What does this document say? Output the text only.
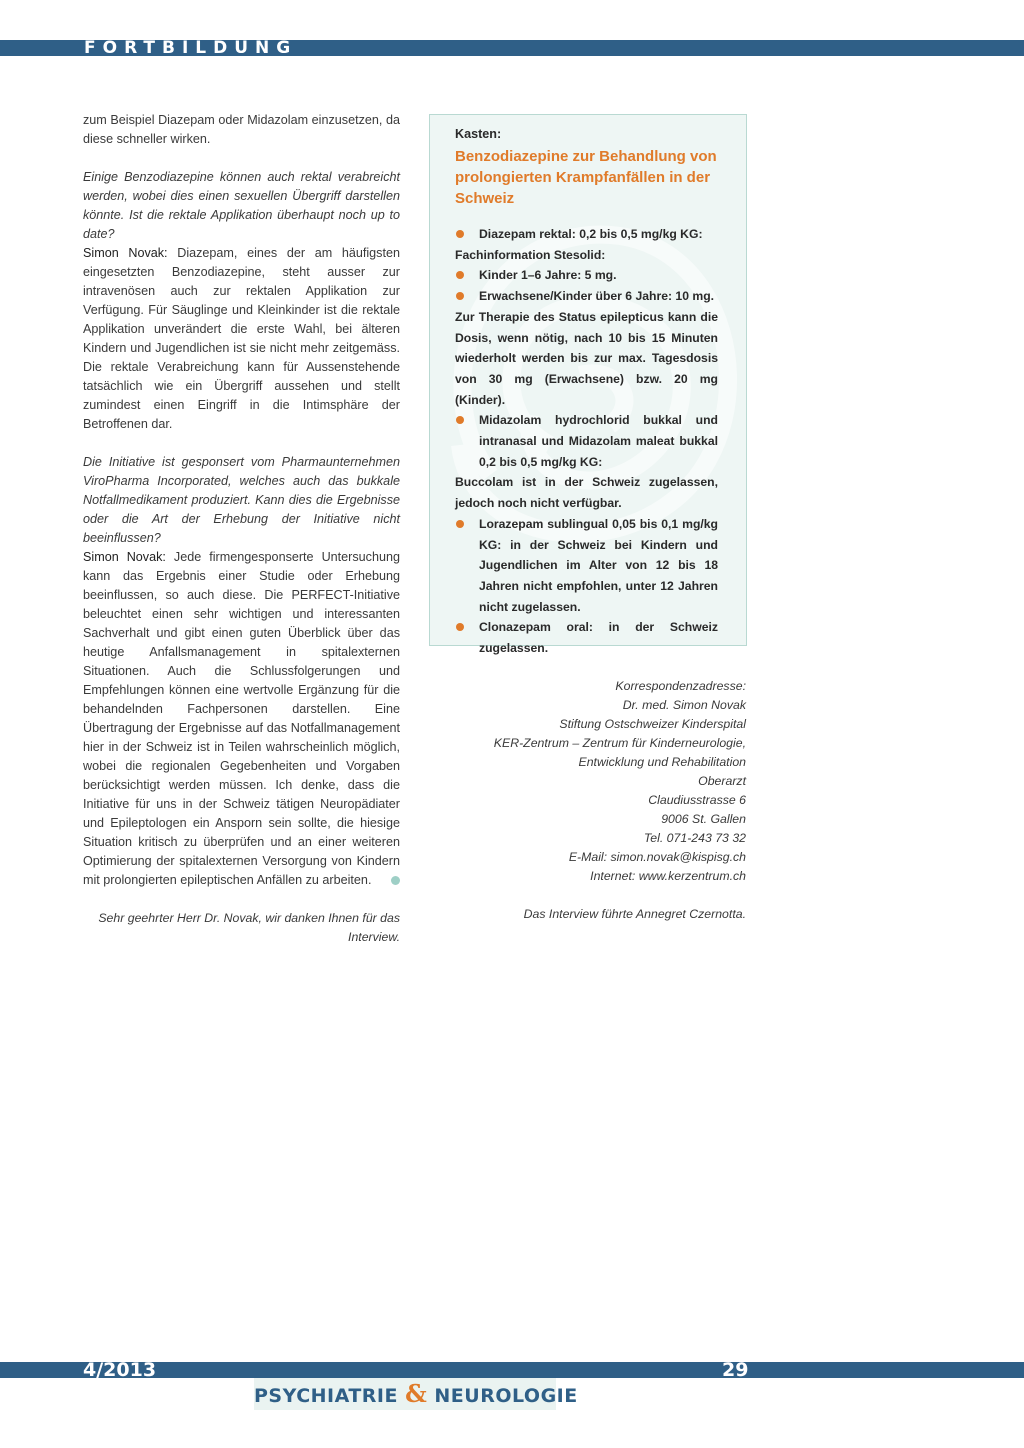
FORTBILDUNG

zum Beispiel Diazepam oder Midazolam einzusetzen, da diese schneller wirken.

Einige Benzodiazepine können auch rektal verabreicht werden, wobei dies einen sexuellen Übergriff darstellen könnte. Ist die rektale Applikation überhaupt noch up to date?

Simon Novak: Diazepam, eines der am häufigsten eingesetzten Benzodiazepine, steht ausser zur intravenösen auch zur rektalen Applikation zur Verfügung. Für Säuglinge und Kleinkinder ist die rektale Applikation unverändert die erste Wahl, bei älteren Kindern und Jugendlichen ist sie nicht mehr zeitgemäss. Die rektale Verabreichung kann für Aussenstehende tatsächlich wie ein Übergriff aussehen und stellt zumindest einen Eingriff in die Intimsphäre der Betroffenen dar.

Die Initiative ist gesponsert vom Pharmaunternehmen ViroPharma Incorporated, welches auch das bukkale Notfallmedikament produziert. Kann dies die Ergebnisse oder die Art der Erhebung der Initiative nicht beeinflussen?

Simon Novak: Jede firmengesponserte Untersuchung kann das Ergebnis einer Studie oder Erhebung beeinflussen, so auch diese. Die PERFECT-Initiative beleuchtet einen sehr wichtigen und interessanten Sachverhalt und gibt einen guten Überblick über das heutige Anfallsmanagement in spitalexternen Situationen. Auch die Schlussfolgerungen und Empfehlungen können eine wertvolle Ergänzung für die behandelnden Fachpersonen darstellen. Eine Übertragung der Ergebnisse auf das Notfallmanagement hier in der Schweiz ist in Teilen wahrscheinlich möglich, wobei die regionalen Gegebenheiten und Vorgaben berücksichtigt werden müssen. Ich denke, dass die Initiative für uns in der Schweiz tätigen Neuropädiater und Epileptologen ein Ansporn sein sollte, die hiesige Situation kritisch zu überprüfen und an einer weiteren Optimierung der spitalexternen Versorgung von Kindern mit prolongierten epileptischen Anfällen zu arbeiten.

Sehr geehrter Herr Dr. Novak, wir danken Ihnen für das Interview.

Kasten:
Benzodiazepine zur Behandlung von prolongierten Krampfanfällen in der Schweiz
Diazepam rektal: 0,2 bis 0,5 mg/kg KG:
Fachinformation Stesolid:
Kinder 1–6 Jahre: 5 mg.
Erwachsene/Kinder über 6 Jahre: 10 mg.
Zur Therapie des Status epilepticus kann die Dosis, wenn nötig, nach 10 bis 15 Minuten wiederholt werden bis zur max. Tagesdosis von 30 mg (Erwachsene) bzw. 20 mg (Kinder).
Midazolam hydrochlorid bukkal und intranasal und Midazolam maleat bukkal 0,2 bis 0,5 mg/kg KG:
Buccolam ist in der Schweiz zugelassen, jedoch noch nicht verfügbar.
Lorazepam sublingual 0,05 bis 0,1 mg/kg KG: in der Schweiz bei Kindern und Jugendlichen im Alter von 12 bis 18 Jahren nicht empfohlen, unter 12 Jahren nicht zugelassen.
Clonazepam oral: in der Schweiz zugelassen.
Korrespondenzadresse:
Dr. med. Simon Novak
Stiftung Ostschweizer Kinderspital
KER-Zentrum – Zentrum für Kinderneurologie,
Entwicklung und Rehabilitation
Oberarzt
Claudiusstrasse 6
9006 St. Gallen
Tel. 071-243 73 32
E-Mail: simon.novak@kispisg.ch
Internet: www.kerzentrum.ch
Das Interview führte Annegret Czernotta.
4/2013	29
PSYCHIATRIE & NEUROLOGIE
